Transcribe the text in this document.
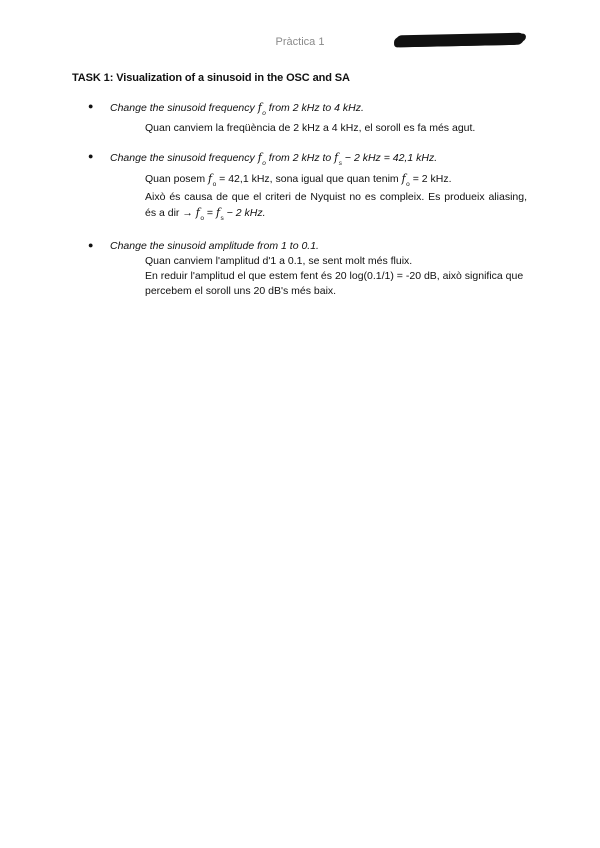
Pràctica 1
TASK 1: Visualization of a sinusoid in the OSC and SA
● Change the sinusoid frequency $f_o$ from 2 kHz to 4 kHz.
Quan canviem la freqüència de 2 kHz a 4 kHz, el soroll es fa més agut.
● Change the sinusoid frequency $f_o$ from 2 kHz to $f_s - 2$ kHz = 42,1 kHz.
Quan posem $f_o = 42,1$ kHz, sona igual que quan tenim $f_o = 2$ kHz.
Això és causa de que el criteri de Nyquist no es compleix. Es produeix aliasing, és a dir → $f_o = f_s - 2$ kHz.
● Change the sinusoid amplitude from 1 to 0.1.
Quan canviem l'amplitud d'1 a 0.1, se sent molt més fluix.
En reduir l'amplitud el que estem fent és 20 log(0.1/1) = -20 dB, això significa que percebem el soroll uns 20 dB's més baix.
